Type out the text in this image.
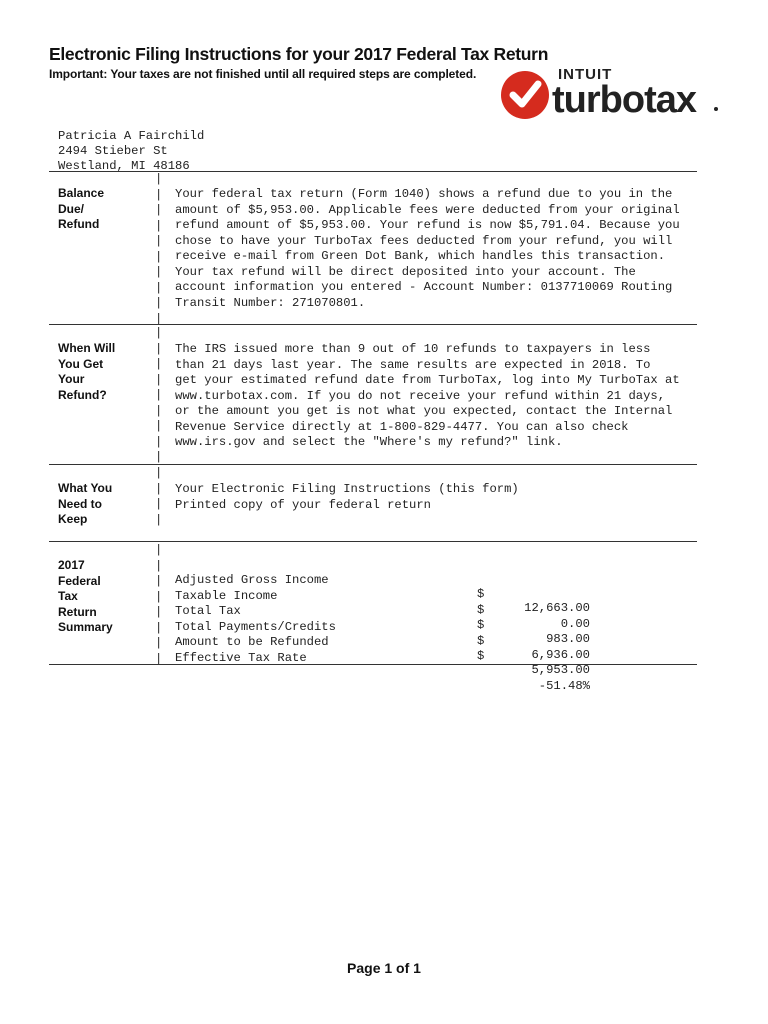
Electronic Filing Instructions for your 2017 Federal Tax Return
Important: Your taxes are not finished until all required steps are completed.	INTUIT
turbotax
Patricia A Fairchild
2494 Stieber St
Westland, MI 48186
Balance
Due/
Refund
|
|
|
|
|
|
|
|
|
|
Your federal tax return (Form 1040) shows a refund due to you in the
amount of $5,953.00. Applicable fees were deducted from your original
refund amount of $5,953.00. Your refund is now $5,791.04. Because you
chose to have your TurboTax fees deducted from your refund, you will
receive e-mail from Green Dot Bank, which handles this transaction.
Your tax refund will be direct deposited into your account. The
account information you entered - Account Number: 0137710069 Routing
Transit Number: 271070801.
When Will
You Get
Your
Refund?
|
|
|
|
|
|
|
|
|
The IRS issued more than 9 out of 10 refunds to taxpayers in less
than 21 days last year. The same results are expected in 2018. To
get your estimated refund date from TurboTax, log into My TurboTax at
www.turbotax.com. If you do not receive your refund within 21 days,
or the amount you get is not what you expected, contact the Internal
Revenue Service directly at 1-800-829-4477. You can also check
www.irs.gov and select the "Where's my refund?" link.
What You
Need to
Keep
|
|
|
|
Your Electronic Filing Instructions (this form)
Printed copy of your federal return
2017
Federal
Tax
Return
Summary
|
|
|
|
|
|
|
|

Adjusted Gross Income

$

12,663.00

Taxable Income

$

0.00

Total Tax

$

983.00

Total Payments/Credits

$

6,936.00

Amount to be Refunded

$

5,953.00

Effective Tax Rate

-51.48%

Page 1 of 1
